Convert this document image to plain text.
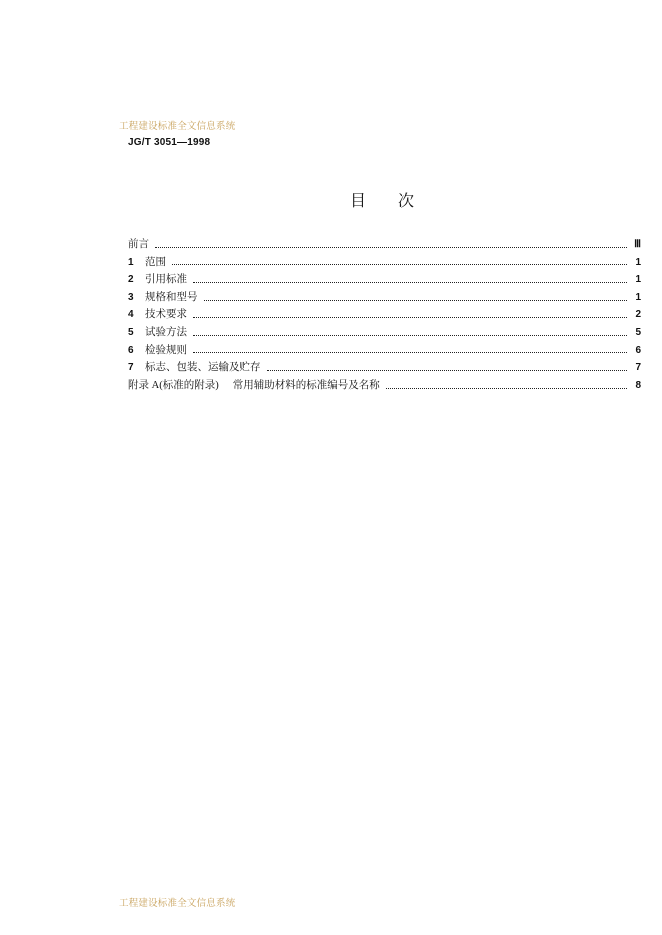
工程建设标准全文信息系统
JG/T 3051—1998
目 次
前言	Ⅲ
1	范围	1
2	引用标准	1
3	规格和型号	1
4	技术要求	2
5	试验方法	5
6	检验规则	6
7	标志、包装、运输及贮存	7
附录 A(标准的附录) 常用辅助材料的标准编号及名称	8
工程建设标准全文信息系统
